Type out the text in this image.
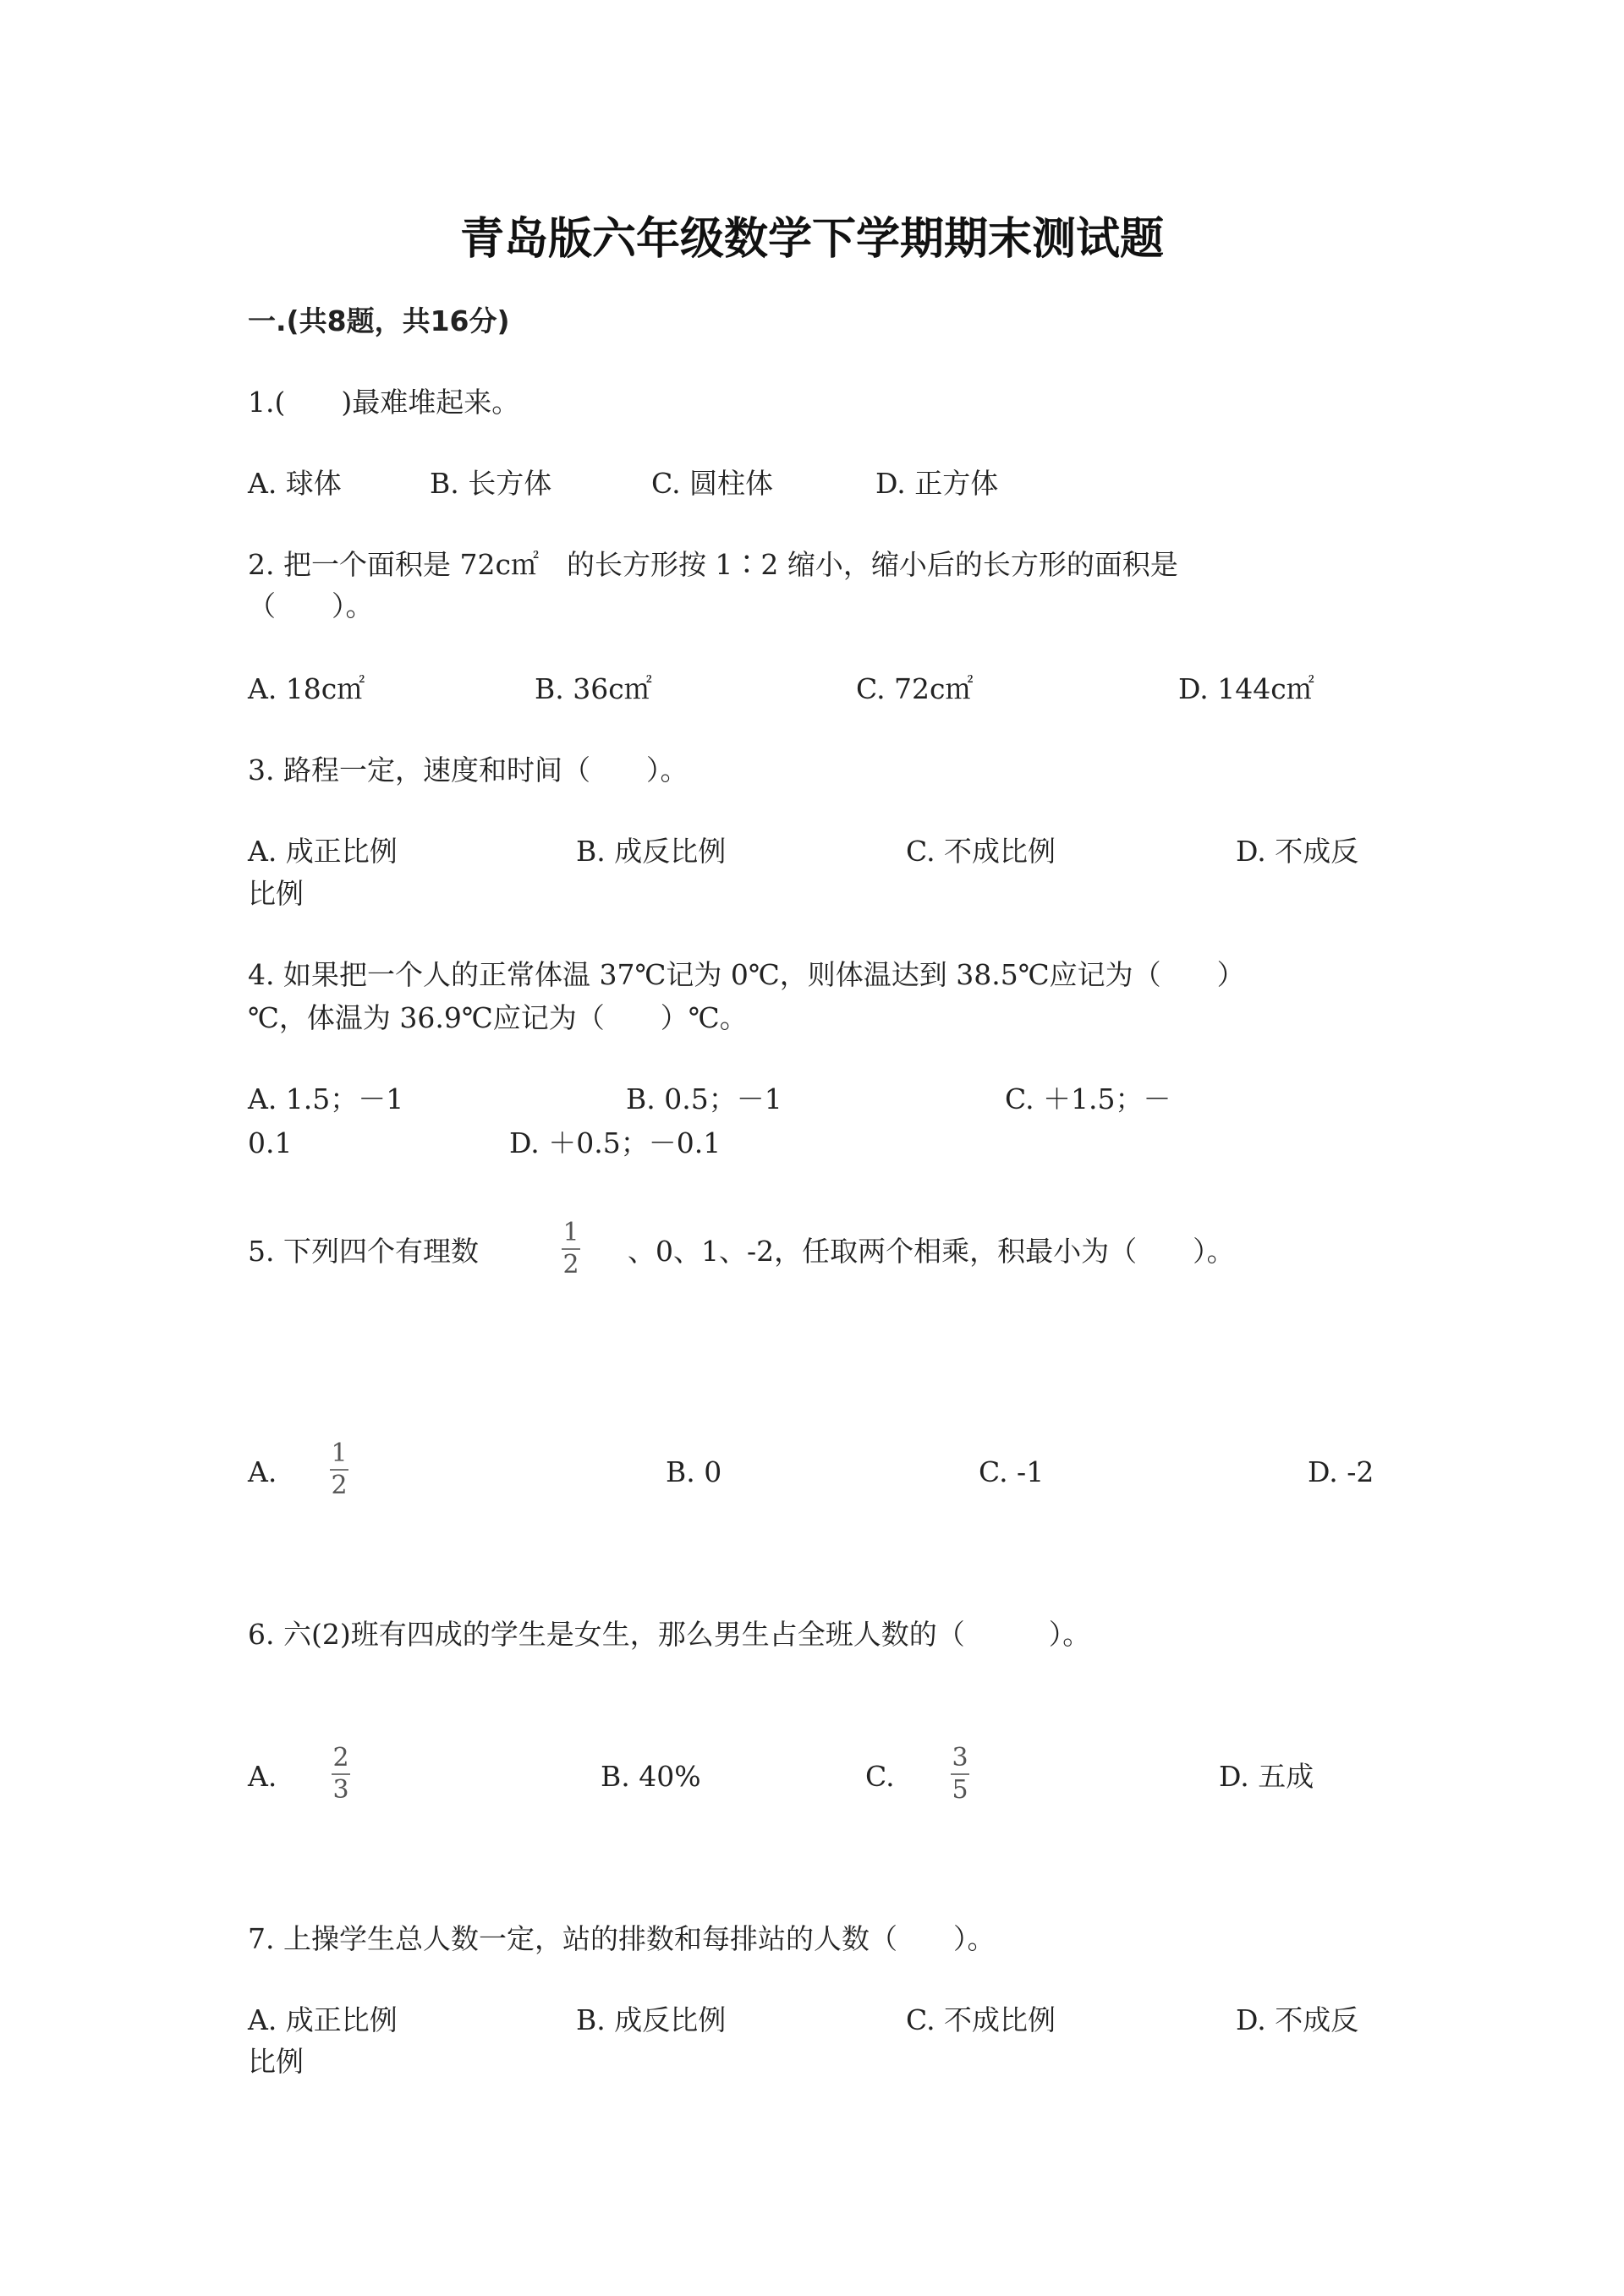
青岛版六年级数学下学期期末测试题
一.(共8题，共16分)
1.(　　)最难堆起来。
A. 球体	B. 长方体	C. 圆柱体	D. 正方体
2. 把一个面积是 72c㎡　的长方形按 1∶2 缩小，缩小后的长方形的面积是
（　　）。
A. 18c㎡	B. 36c㎡	C. 72c㎡	D. 144c㎡
3. 路程一定，速度和时间（　　）。
A. 成正比例	B. 成反比例	C. 不成比例	D. 不成反
比例
4. 如果把一个人的正常体温 37℃记为 0℃，则体温达到 38.5℃应记为（　　）
℃，体温为 36.9℃应记为（　　）℃。
A. 1.5；－1	B. 0.5；－1	C. ＋1.5；－
0.1	D. ＋0.5；－0.1
5. 下列四个有理数
1
2 、0、1、-2，任取两个相乘，积最小为（　　）。
A.
1
2	B. 0	C. -1	D. -2
6. 六(2)班有四成的学生是女生，那么男生占全班人数的（　　　）。
A.
2
3	B. 40%	C.
3
5	D. 五成
7. 上操学生总人数一定，站的排数和每排站的人数（　　）。
A. 成正比例	B. 成反比例	C. 不成比例	D. 不成反
比例
